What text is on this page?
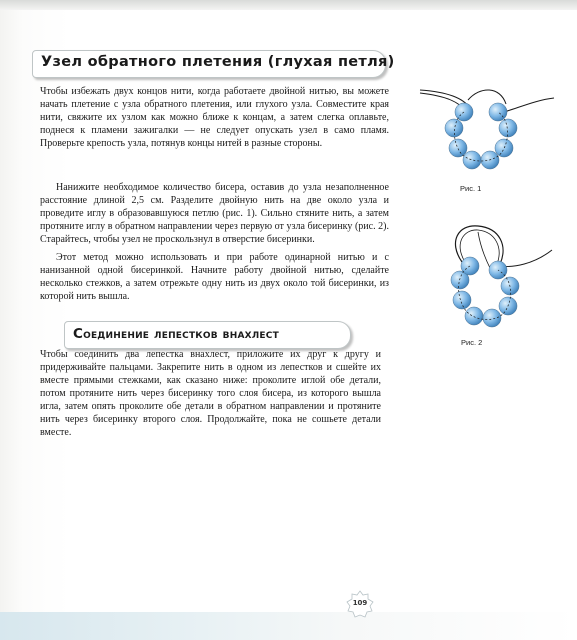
Узел обратного плетения (глухая петля)

Чтобы избежать двух концов нити, когда работаете двойной нитью, вы можете начать плетение с узла обратного плетения, или глухого узла. Совместите края нити, свяжите их узлом как можно ближе к концам, а затем слегка оплавьте, поднеся к пламени зажигалки — не следует опускать узел в само пламя. Проверьте крепость узла, потянув концы нитей в разные стороны.

Нанижите необходимое количество бисера, оставив до узла незаполненное расстояние длиной 2,5 см. Разделите двойную нить на две около узла и проведите иглу в образовавшуюся петлю (рис. 1). Сильно стяните нить, а затем протяните иглу в обратном направлении через первую от узла бисеринку (рис. 2). Старайтесь, чтобы узел не проскользнул в отверстие бисеринки.

Этот метод можно использовать и при работе одинарной нитью и с нанизанной одной бисеринкой. Начните работу двойной нитью, сделайте несколько стежков, а затем отрежьте одну нить из двух около той бисеринки, из которой нить вышла.

Соединение лепестков внахлест

Чтобы соединить два лепестка внахлест, приложите их друг к другу и придерживайте пальцами. Закрепите нить в одном из лепестков и сшейте их вместе прямыми стежками, как сказано ниже: проколите иглой обе детали, потом протяните нить через бисеринку того слоя бисера, из которого вышла игла, затем опять проколите обе детали в обратном направлении и протяните нить через бисеринку второго слоя. Продолжайте, пока не сошьете детали вместе.

Рис. 1
Рис. 2
109
